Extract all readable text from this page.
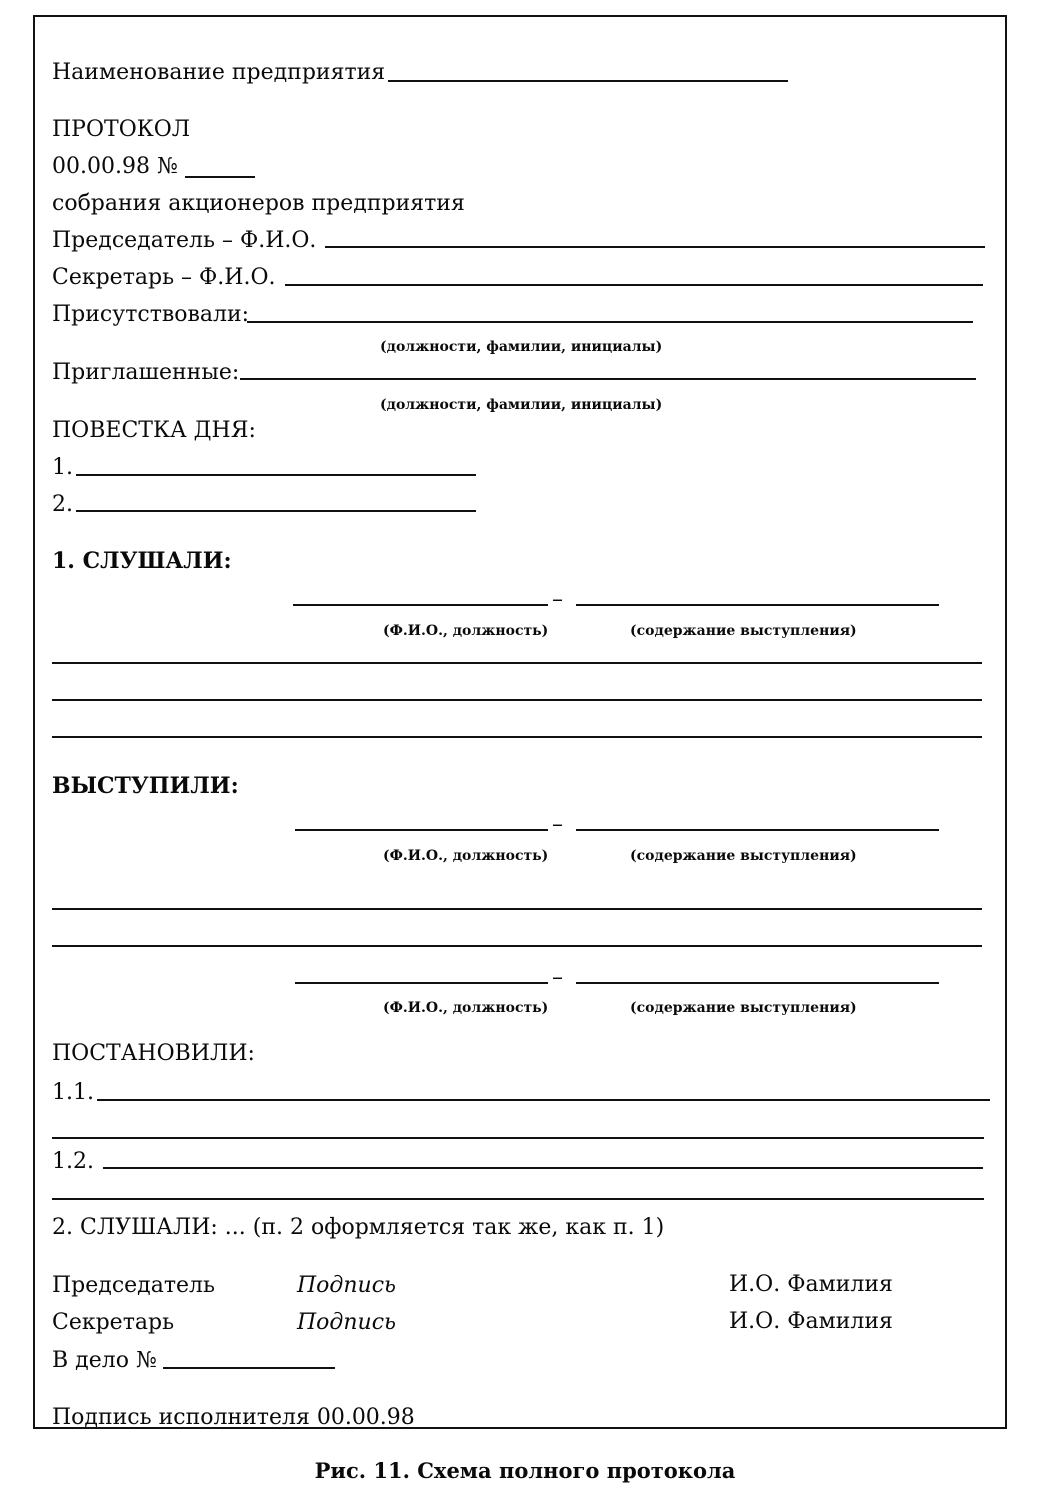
Наименование предприятия
ПРОТОКОЛ
00.00.98 №
собрания акционеров предприятия
Председатель – Ф.И.О.
Секретарь – Ф.И.О.
Присутствовали:
(должности, фамилии, инициалы)
Приглашенные:
(должности, фамилии, инициалы)
ПОВЕСТКА ДНЯ:
1.
2.
1. СЛУШАЛИ:
–
(Ф.И.О., должность)	(содержание выступления)
ВЫСТУПИЛИ:
–
(Ф.И.О., должность)	(содержание выступления)
–
(Ф.И.О., должность)	(содержание выступления)
ПОСТАНОВИЛИ:
1.1.
1.2.
2. СЛУШАЛИ: ... (п. 2 оформляется так же, как п. 1)
Председатель	Подпись	И.О. Фамилия
Секретарь	Подпись	И.О. Фамилия
В дело №
Подпись исполнителя 00.00.98
Рис. 11. Схема полного протокола
